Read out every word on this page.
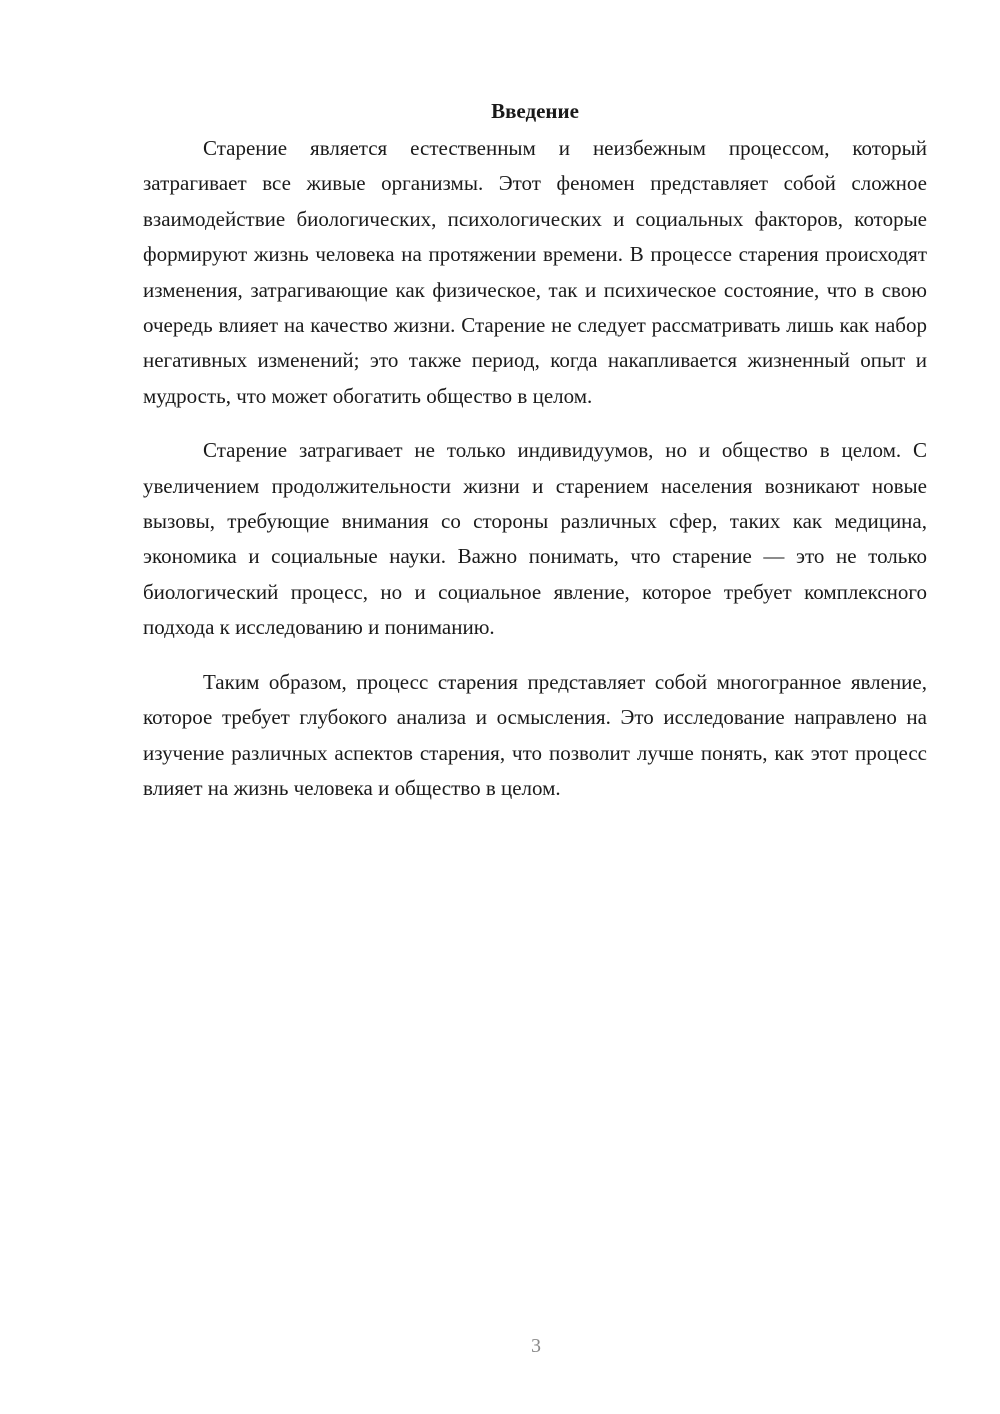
Введение

Старение является естественным и неизбежным процессом, который затрагивает все живые организмы. Этот феномен представляет собой сложное взаимодействие биологических, психологических и социальных факторов, которые формируют жизнь человека на протяжении времени. В процессе старения происходят изменения, затрагивающие как физическое, так и психическое состояние, что в свою очередь влияет на качество жизни. Старение не следует рассматривать лишь как набор негативных изменений; это также период, когда накапливается жизненный опыт и мудрость, что может обогатить общество в целом.

Старение затрагивает не только индивидуумов, но и общество в целом. С увеличением продолжительности жизни и старением населения возникают новые вызовы, требующие внимания со стороны различных сфер, таких как медицина, экономика и социальные науки. Важно понимать, что старение — это не только биологический процесс, но и социальное явление, которое требует комплексного подхода к исследованию и пониманию.

Таким образом, процесс старения представляет собой многогранное явление, которое требует глубокого анализа и осмысления. Это исследование направлено на изучение различных аспектов старения, что позволит лучше понять, как этот процесс влияет на жизнь человека и общество в целом.

3
